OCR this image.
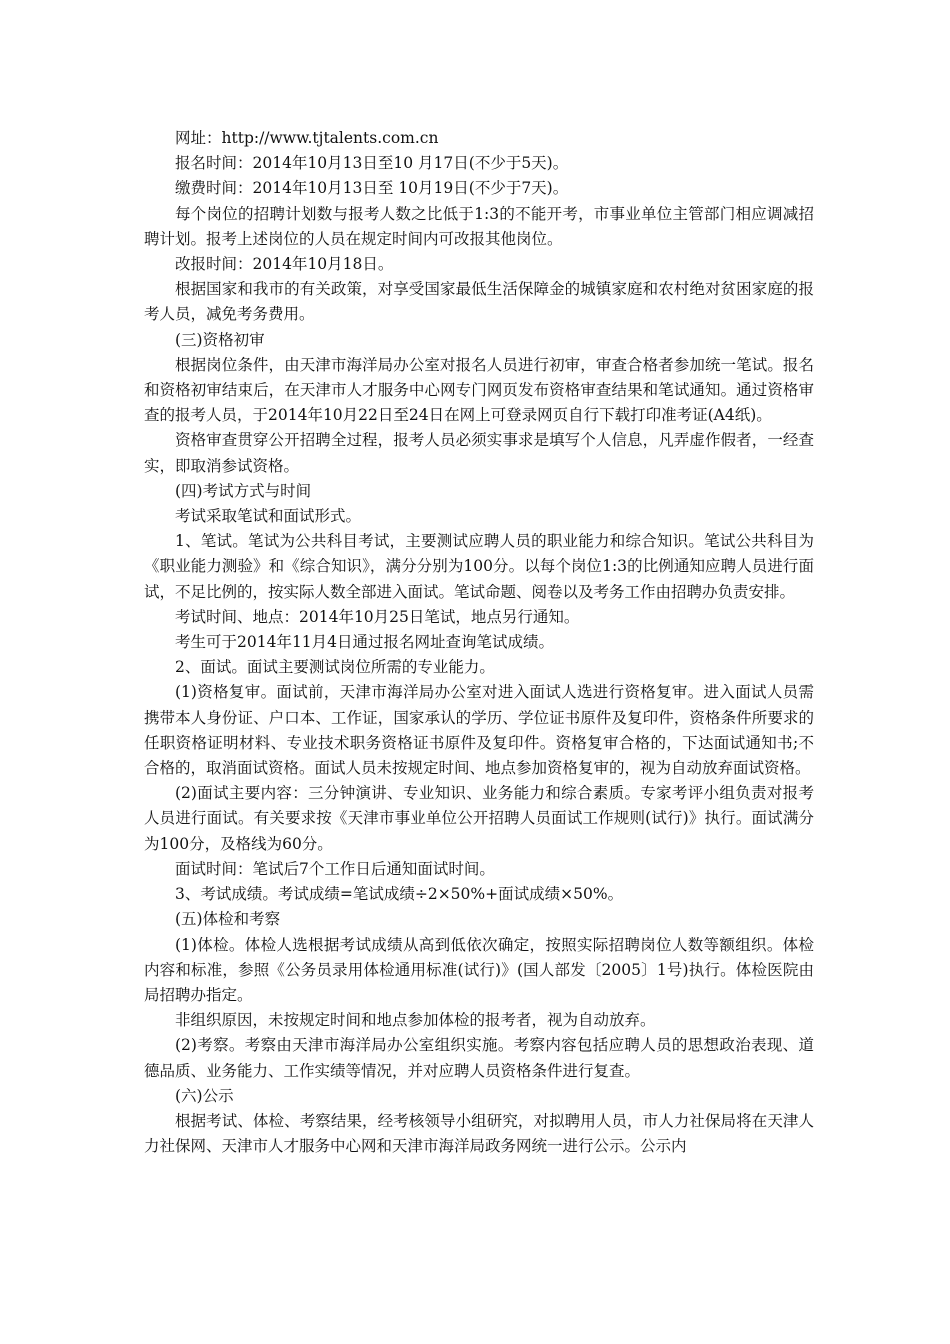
网址：http://www.tjtalents.com.cn

报名时间：2014年10月13日至10 月17日(不少于5天)。

缴费时间：2014年10月13日至 10月19日(不少于7天)。

每个岗位的招聘计划数与报考人数之比低于1:3的不能开考，市事业单位主管部门相应调减招聘计划。报考上述岗位的人员在规定时间内可改报其他岗位。

改报时间：2014年10月18日。

根据国家和我市的有关政策，对享受国家最低生活保障金的城镇家庭和农村绝对贫困家庭的报考人员，减免考务费用。

(三)资格初审

根据岗位条件，由天津市海洋局办公室对报名人员进行初审，审查合格者参加统一笔试。报名和资格初审结束后，在天津市人才服务中心网专门网页发布资格审查结果和笔试通知。通过资格审查的报考人员，于2014年10月22日至24日在网上可登录网页自行下载打印准考证(A4纸)。

资格审查贯穿公开招聘全过程，报考人员必须实事求是填写个人信息，凡弄虚作假者，一经查实，即取消参试资格。

(四)考试方式与时间

考试采取笔试和面试形式。

1、笔试。笔试为公共科目考试，主要测试应聘人员的职业能力和综合知识。笔试公共科目为《职业能力测验》和《综合知识》，满分分别为100分。以每个岗位1:3的比例通知应聘人员进行面试，不足比例的，按实际人数全部进入面试。笔试命题、阅卷以及考务工作由招聘办负责安排。

考试时间、地点：2014年10月25日笔试，地点另行通知。

考生可于2014年11月4日通过报名网址查询笔试成绩。

2、面试。面试主要测试岗位所需的专业能力。

(1)资格复审。面试前，天津市海洋局办公室对进入面试人选进行资格复审。进入面试人员需携带本人身份证、户口本、工作证，国家承认的学历、学位证书原件及复印件，资格条件所要求的任职资格证明材料、专业技术职务资格证书原件及复印件。资格复审合格的，下达面试通知书;不合格的，取消面试资格。面试人员未按规定时间、地点参加资格复审的，视为自动放弃面试资格。

(2)面试主要内容：三分钟演讲、专业知识、业务能力和综合素质。专家考评小组负责对报考人员进行面试。有关要求按《天津市事业单位公开招聘人员面试工作规则(试行)》执行。面试满分为100分，及格线为60分。

面试时间：笔试后7个工作日后通知面试时间。

3、考试成绩。考试成绩=笔试成绩÷2×50%+面试成绩×50%。

(五)体检和考察

(1)体检。体检人选根据考试成绩从高到低依次确定，按照实际招聘岗位人数等额组织。体检内容和标准，参照《公务员录用体检通用标准(试行)》(国人部发〔2005〕1号)执行。体检医院由局招聘办指定。

非组织原因，未按规定时间和地点参加体检的报考者，视为自动放弃。

(2)考察。考察由天津市海洋局办公室组织实施。考察内容包括应聘人员的思想政治表现、道德品质、业务能力、工作实绩等情况，并对应聘人员资格条件进行复查。

(六)公示

根据考试、体检、考察结果，经考核领导小组研究，对拟聘用人员，市人力社保局将在天津人力社保网、天津市人才服务中心网和天津市海洋局政务网统一进行公示。公示内
